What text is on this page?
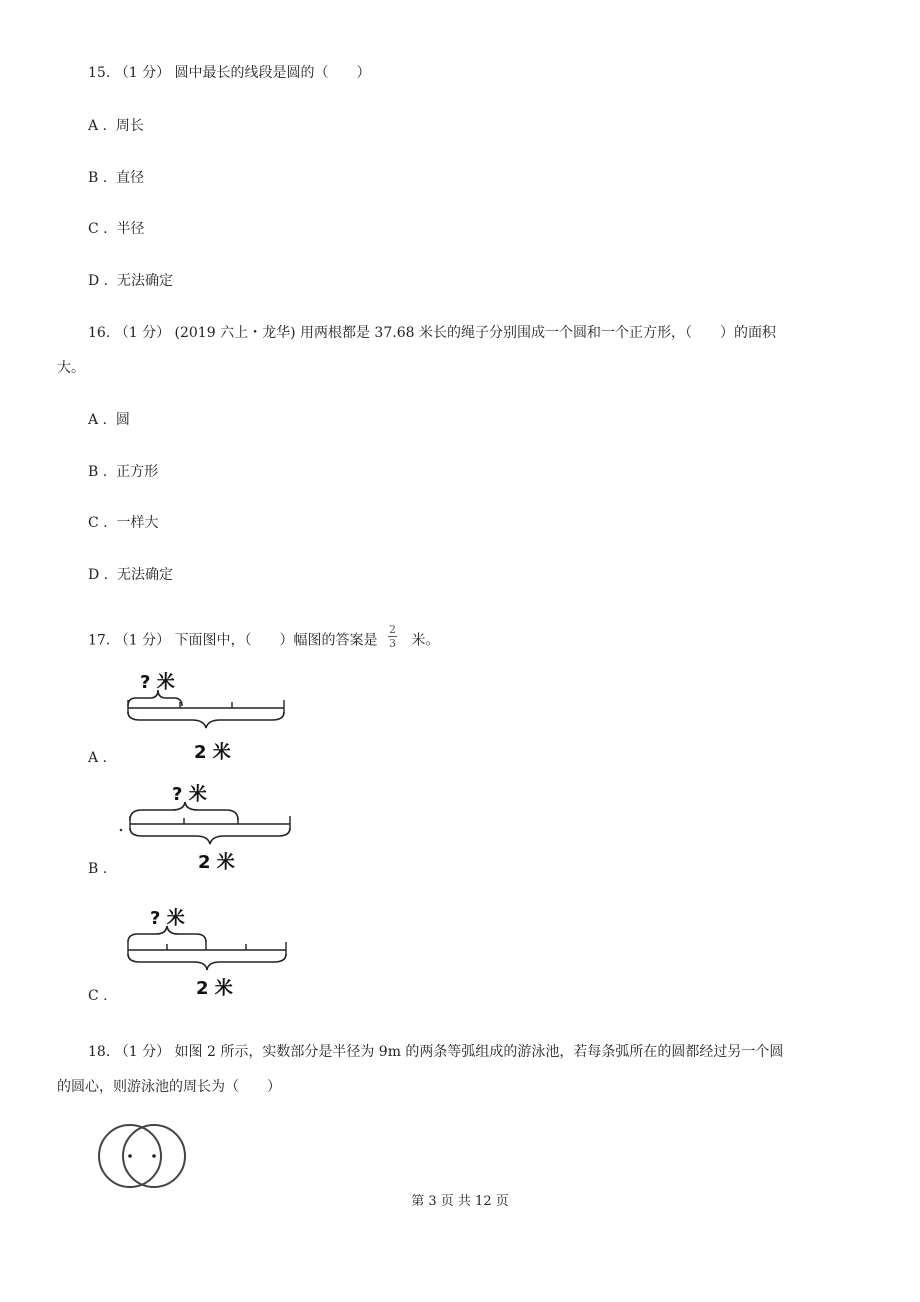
15. （1 分） 圆中最长的线段是圆的（　　）
A . 周长
B . 直径
C . 半径
D . 无法确定
16. （1 分） (2019 六上・龙华) 用两根都是 37.68 米长的绳子分别围成一个圆和一个正方形，（　　）的面积
大。
A . 圆
B . 正方形
C . 一样大
D . 无法确定
17. （1 分） 下面图中，（　　）幅图的答案是 $\frac{2}{3}$ 米。
? 米
2 米
A .
? 米
2 米
B .
? 米
2 米
C .
18. （1 分） 如图 2 所示，实数部分是半径为 9m 的两条等弧组成的游泳池，若每条弧所在的圆都经过另一个圆
的圆心，则游泳池的周长为（　　）
第 3 页 共 12 页
